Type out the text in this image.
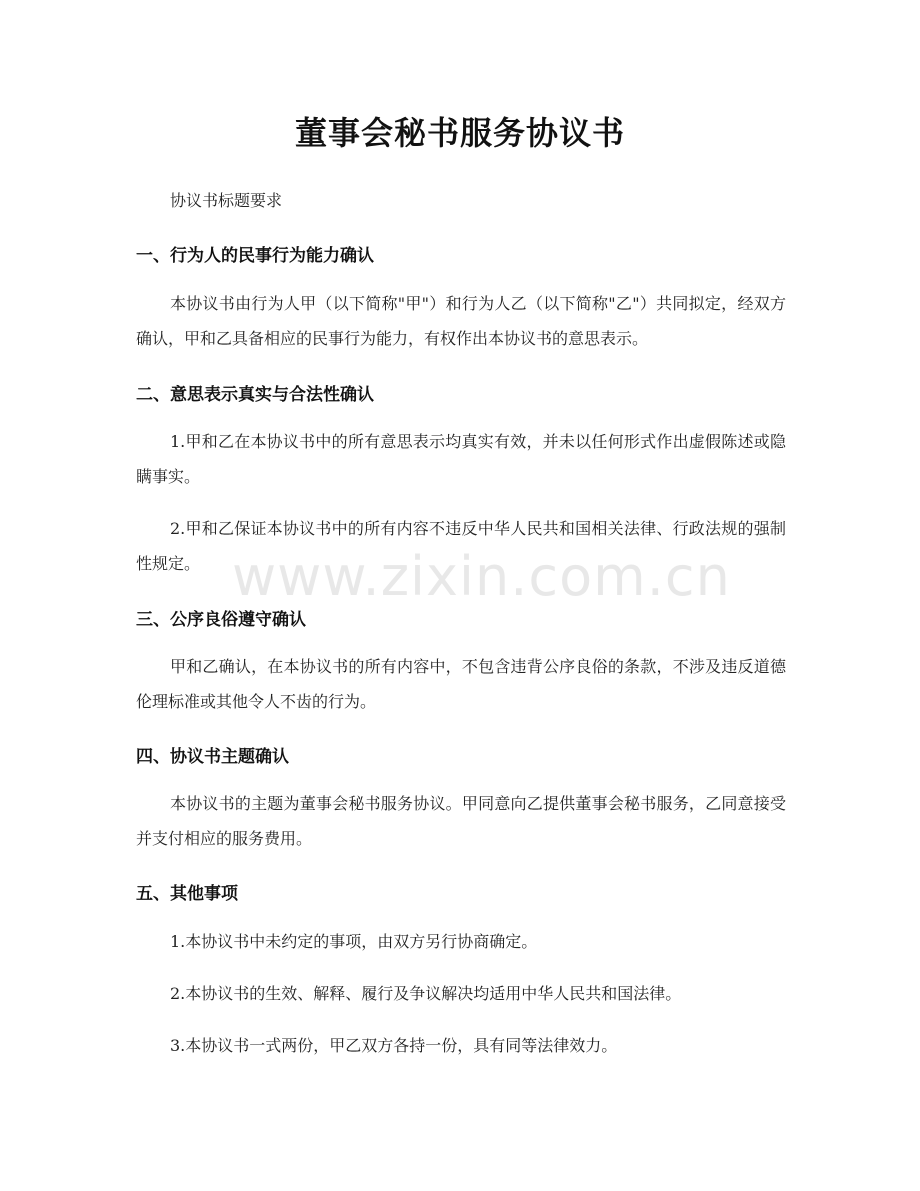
董事会秘书服务协议书

协议书标题要求

一、行为人的民事行为能力确认

本协议书由行为人甲（以下简称"甲"）和行为人乙（以下简称"乙"）共同拟定，经双方确认，甲和乙具备相应的民事行为能力，有权作出本协议书的意思表示。

二、意思表示真实与合法性确认

1.甲和乙在本协议书中的所有意思表示均真实有效，并未以任何形式作出虚假陈述或隐瞒事实。

2.甲和乙保证本协议书中的所有内容不违反中华人民共和国相关法律、行政法规的强制性规定。

三、公序良俗遵守确认

甲和乙确认，在本协议书的所有内容中，不包含违背公序良俗的条款，不涉及违反道德伦理标准或其他令人不齿的行为。

四、协议书主题确认

本协议书的主题为董事会秘书服务协议。甲同意向乙提供董事会秘书服务，乙同意接受并支付相应的服务费用。

五、其他事项

1.本协议书中未约定的事项，由双方另行协商确定。

2.本协议书的生效、解释、履行及争议解决均适用中华人民共和国法律。

3.本协议书一式两份，甲乙双方各持一份，具有同等法律效力。

www.zixin.com.cn
